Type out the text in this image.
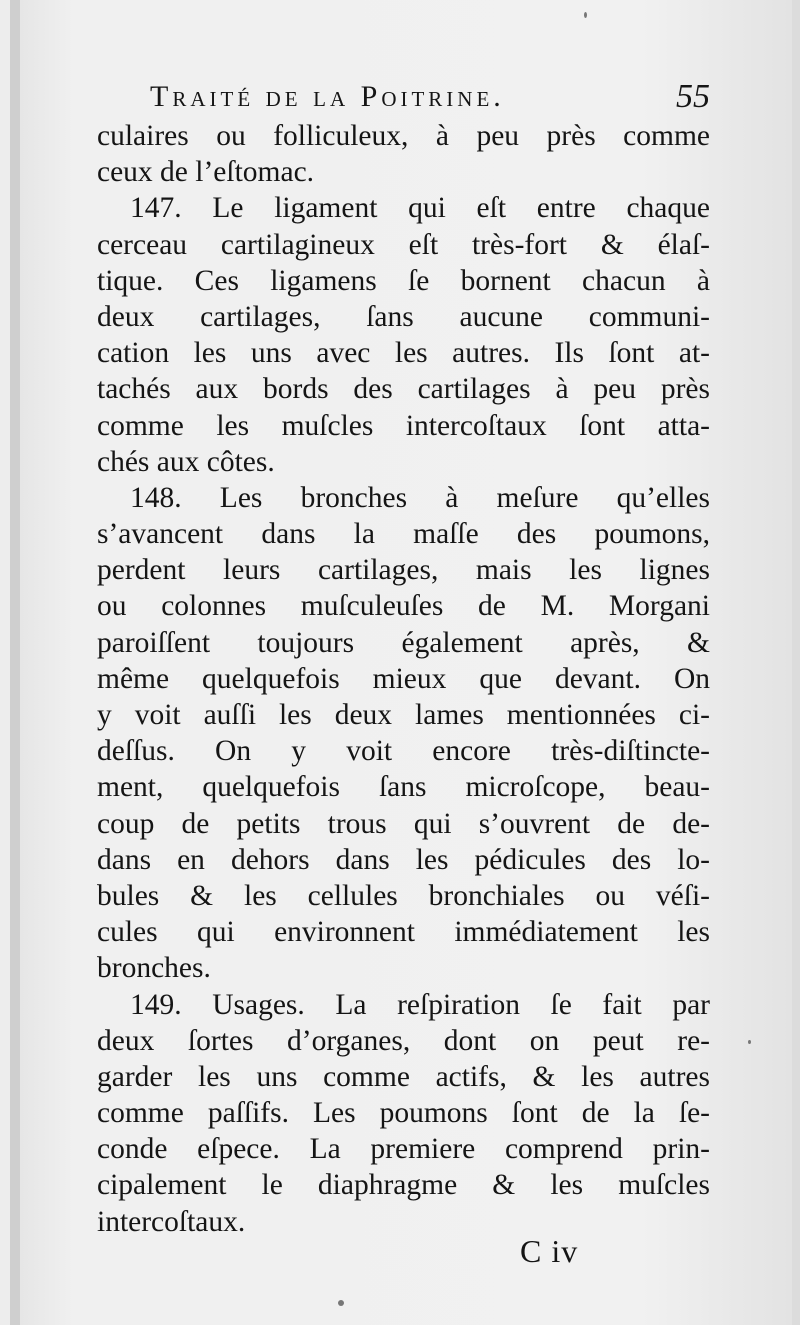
Traité de la Poitrine.	55
culaires ou folliculeux, à peu près comme
ceux de l’eſtomac.
147. Le ligament qui eſt entre chaque
cerceau cartilagineux eſt très-fort & élaſ-
tique. Ces ligamens ſe bornent chacun à
deux cartilages, ſans aucune communi-
cation les uns avec les autres. Ils ſont at-
tachés aux bords des cartilages à peu près
comme les muſcles intercoſtaux ſont atta-
chés aux côtes.
148. Les bronches à meſure qu’elles
s’avancent dans la maſſe des poumons,
perdent leurs cartilages, mais les lignes
ou colonnes muſculeuſes de M. Morgani
paroiſſent toujours également après, &
même quelquefois mieux que devant. On
y voit auſſi les deux lames mentionnées ci-
deſſus. On y voit encore très-diſtincte-
ment, quelquefois ſans microſcope, beau-
coup de petits trous qui s’ouvrent de de-
dans en dehors dans les pédicules des lo-
bules & les cellules bronchiales ou véſi-
cules qui environnent immédiatement les
bronches.
149. Usages. La reſpiration ſe fait par
deux ſortes d’organes, dont on peut re-
garder les uns comme actifs, & les autres
comme paſſifs. Les poumons ſont de la ſe-
conde eſpece. La premiere comprend prin-
cipalement le diaphragme & les muſcles
intercoſtaux.
C iv
